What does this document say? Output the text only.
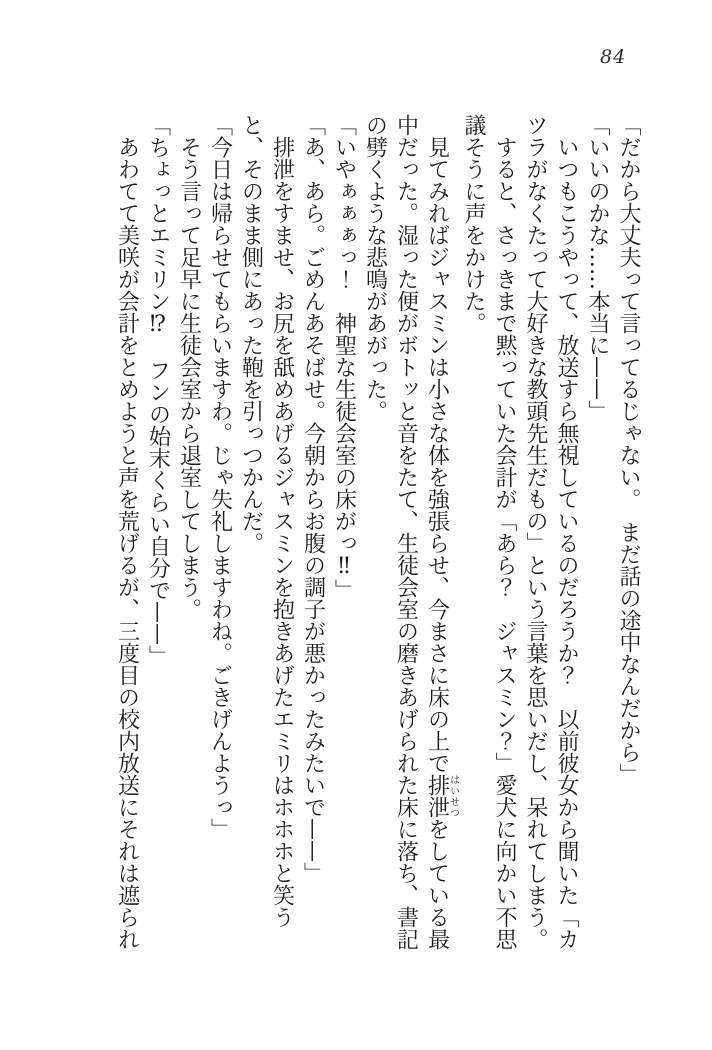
84

「だから大丈夫って言ってるじゃない。　まだ話の途中なんだから」

「いいのかな……本当に——」

　いつもこうやって、放送すら無視しているのだろうか？　以前彼女から聞いた「カツラがなくたって大好きな教頭先生だもの」という言葉を思いだし、呆れてしまう。

　すると、さっきまで黙っていた会計が「あら？　ジャスミン？」愛犬に向かい不思議そうに声をかけた。

　見てみればジャスミンは小さな体を強張らせ、今まさに床の上で排泄はいせつをしている最中だった。湿った便がボトッと音をたて、生徒会室の磨きあげられた床に落ち、書記の劈くような悲鳴があがった。

「いやぁぁぁっ！　神聖な生徒会室の床がっ‼」

「あ、あら。ごめんあそばせ。今朝からお腹の調子が悪かったみたいで——」

　排泄をすませ、お尻を舐めあげるジャスミンを抱きあげたエミリはホホホと笑うと、そのまま側にあった鞄を引っつかんだ。

「今日は帰らせてもらいますわ。じゃ失礼しますわね。ごきげんようっ」

　そう言って足早に生徒会室から退室してしまう。

「ちょっとエミリン⁉　フンの始末くらい自分で——」

　あわてて美咲が会計をとめようと声を荒げるが、三度目の校内放送にそれは遮られ
